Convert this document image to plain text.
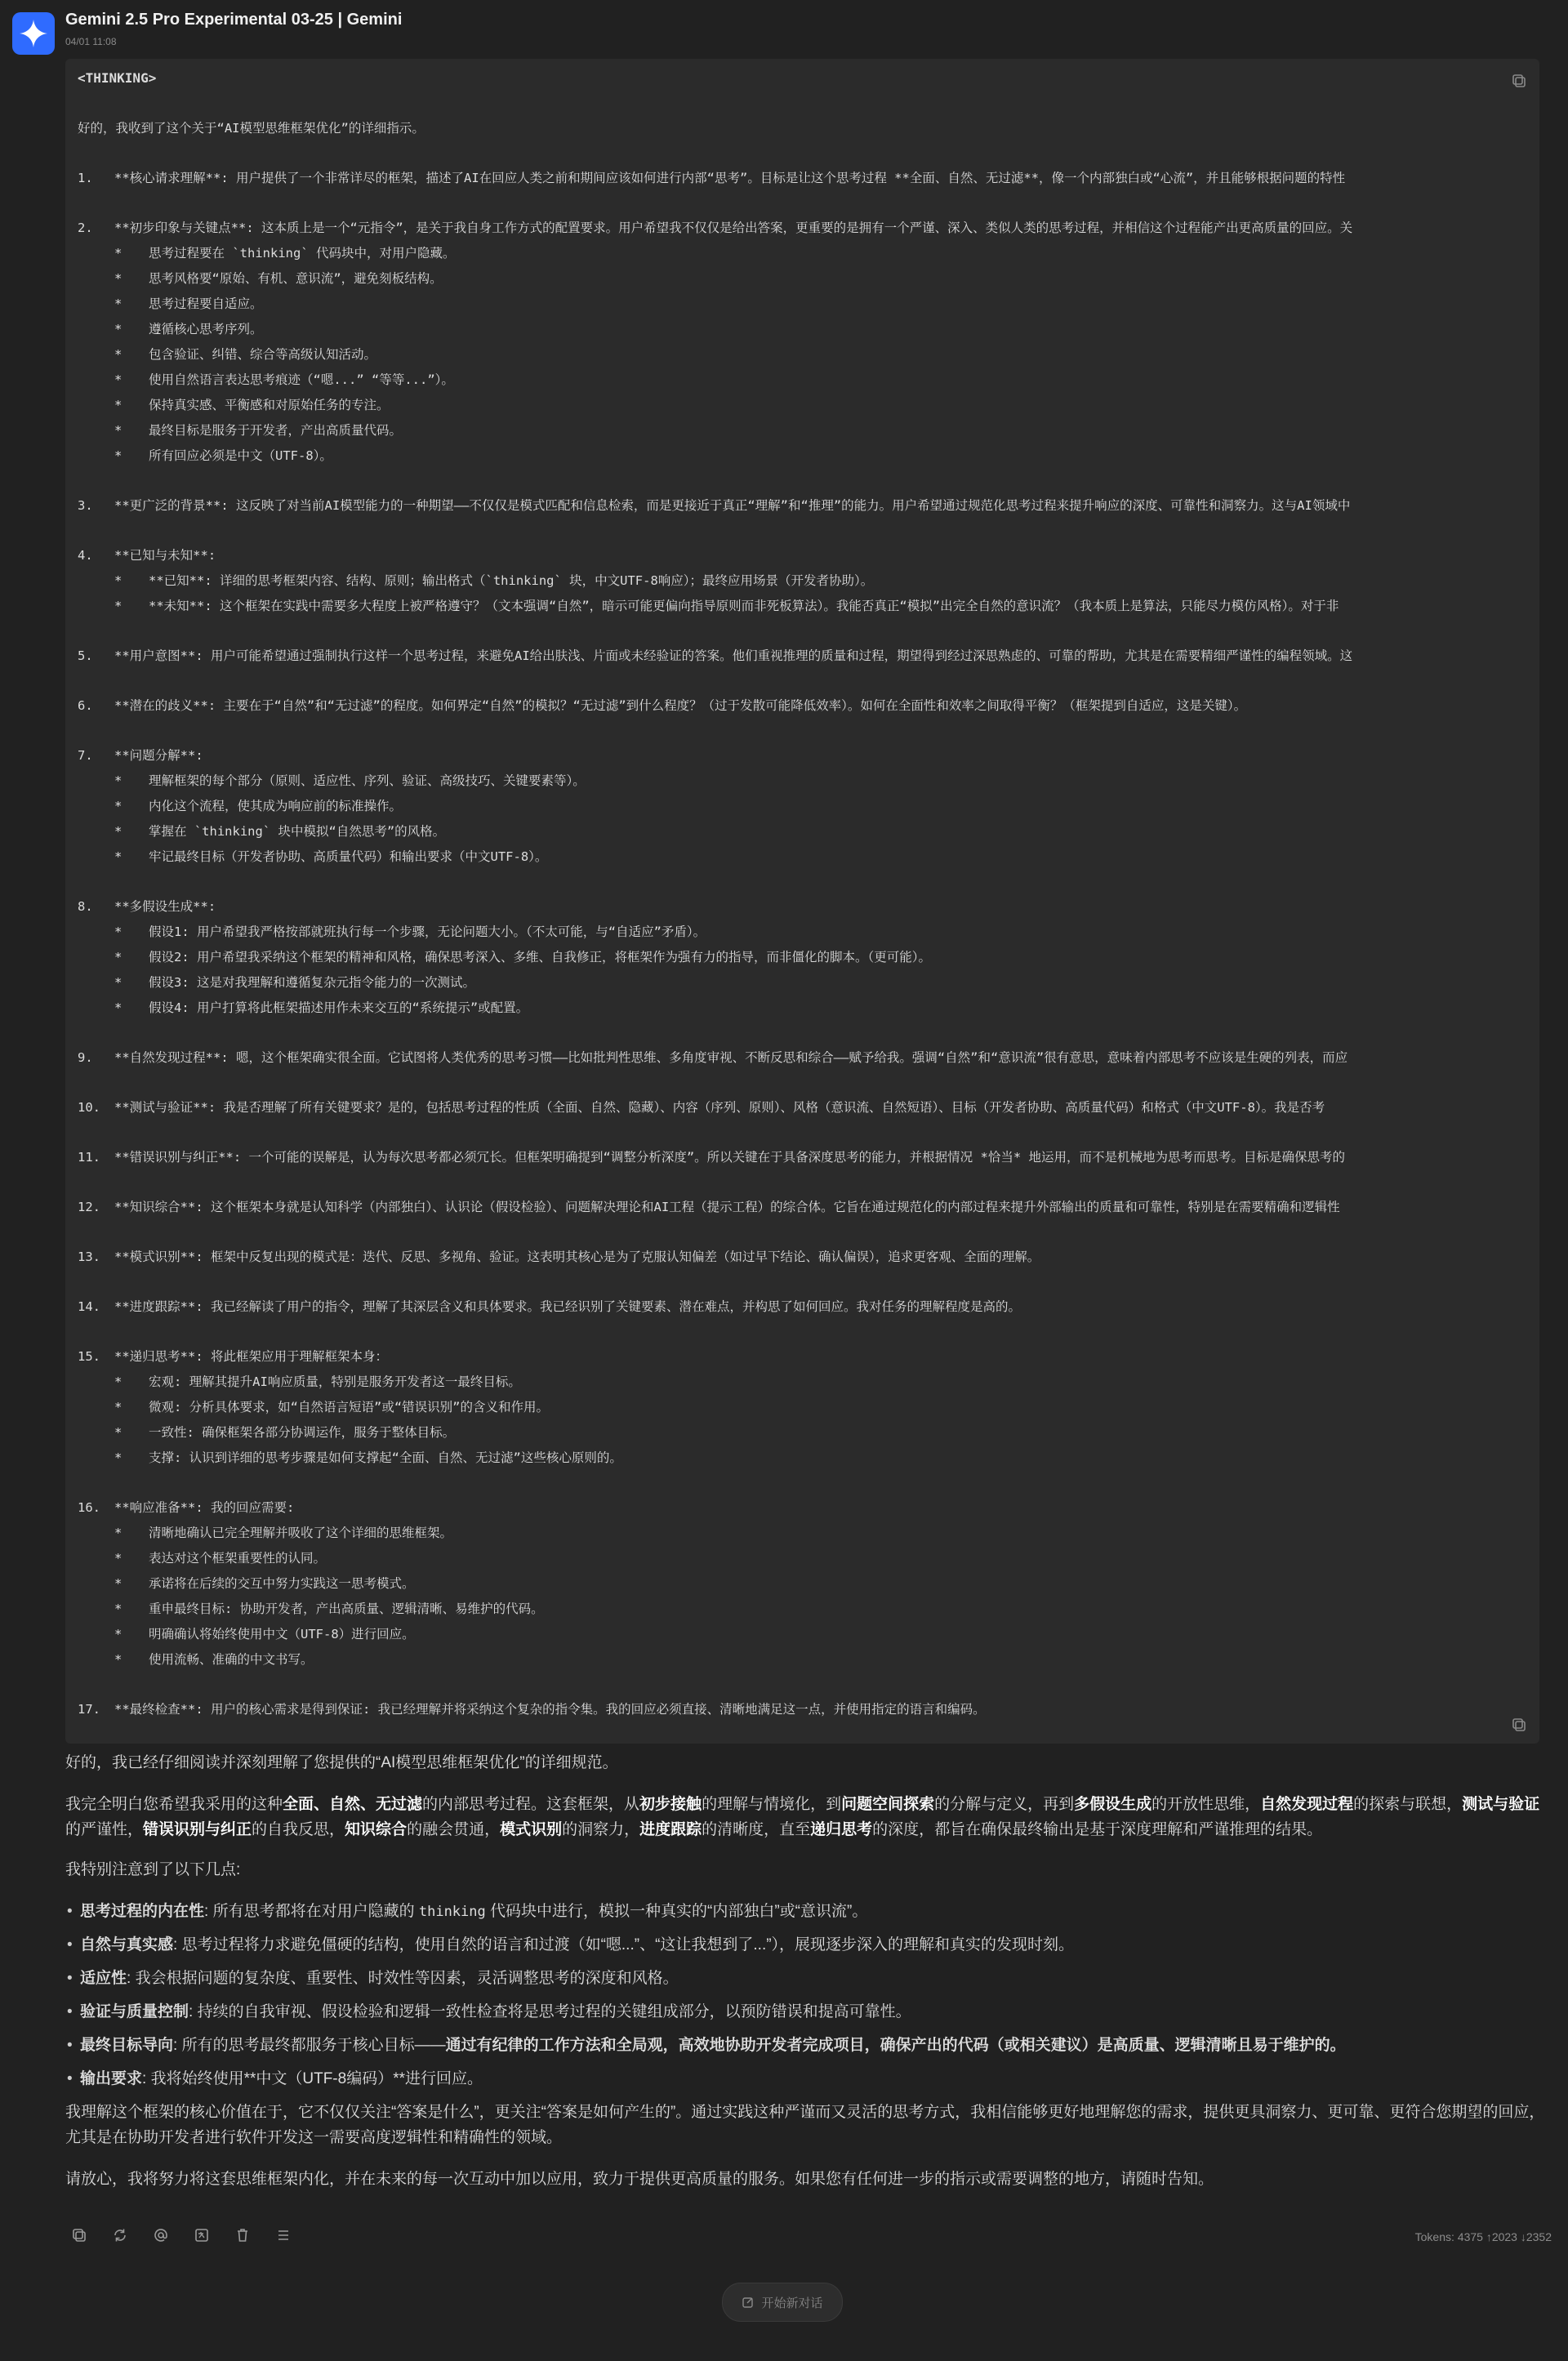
Gemini 2.5 Pro Experimental 03-25 | Gemini
04/01 11:08
<THINKING>
好的，我收到了这个关于“AI模型思维框架优化”的详细指示。
1. **核心请求理解**: 用户提供了一个非常详尽的框架，描述了AI在回应人类之前和期间应该如何进行内部“思考”。目标是让这个思考过程 **全面、自然、无过滤**，像一个内部独白或“心流”，并且能够根据问题的特性
2. **初步印象与关键点**: 这本质上是一个“元指令”，是关于我自身工作方式的配置要求。用户希望我不仅仅是给出答案，更重要的是拥有一个严谨、深入、类似人类的思考过程，并相信这个过程能产出更高质量的回应。关
* 思考过程要在 `thinking` 代码块中，对用户隐藏。
* 思考风格要“原始、有机、意识流”，避免刻板结构。
* 思考过程要自适应。
* 遵循核心思考序列。
* 包含验证、纠错、综合等高级认知活动。
* 使用自然语言表达思考痕迹（“嗯...” “等等...”）。
* 保持真实感、平衡感和对原始任务的专注。
* 最终目标是服务于开发者，产出高质量代码。
* 所有回应必须是中文（UTF-8）。
3. **更广泛的背景**: 这反映了对当前AI模型能力的一种期望——不仅仅是模式匹配和信息检索，而是更接近于真正“理解”和“推理”的能力。用户希望通过规范化思考过程来提升响应的深度、可靠性和洞察力。这与AI领域中
4. **已知与未知**:
* **已知**: 详细的思考框架内容、结构、原则；输出格式（`thinking` 块，中文UTF-8响应）；最终应用场景（开发者协助）。
* **未知**: 这个框架在实践中需要多大程度上被严格遵守？（文本强调“自然”，暗示可能更偏向指导原则而非死板算法）。我能否真正“模拟”出完全自然的意识流？（我本质上是算法，只能尽力模仿风格）。对于非
5. **用户意图**: 用户可能希望通过强制执行这样一个思考过程，来避免AI给出肤浅、片面或未经验证的答案。他们重视推理的质量和过程，期望得到经过深思熟虑的、可靠的帮助，尤其是在需要精细严谨性的编程领域。这
6. **潜在的歧义**: 主要在于“自然”和“无过滤”的程度。如何界定“自然”的模拟？“无过滤”到什么程度？（过于发散可能降低效率）。如何在全面性和效率之间取得平衡？（框架提到自适应，这是关键）。
7. **问题分解**:
* 理解框架的每个部分（原则、适应性、序列、验证、高级技巧、关键要素等）。
* 内化这个流程，使其成为响应前的标准操作。
* 掌握在 `thinking` 块中模拟“自然思考”的风格。
* 牢记最终目标（开发者协助、高质量代码）和输出要求（中文UTF-8）。
8. **多假设生成**:
* 假设1: 用户希望我严格按部就班执行每一个步骤，无论问题大小。（不太可能，与“自适应”矛盾）。
* 假设2: 用户希望我采纳这个框架的精神和风格，确保思考深入、多维、自我修正，将框架作为强有力的指导，而非僵化的脚本。（更可能）。
* 假设3: 这是对我理解和遵循复杂元指令能力的一次测试。
* 假设4: 用户打算将此框架描述用作未来交互的“系统提示”或配置。
9. **自然发现过程**: 嗯，这个框架确实很全面。它试图将人类优秀的思考习惯——比如批判性思维、多角度审视、不断反思和综合——赋予给我。强调“自然”和“意识流”很有意思，意味着内部思考不应该是生硬的列表，而应
10. **测试与验证**: 我是否理解了所有关键要求？是的，包括思考过程的性质（全面、自然、隐藏）、内容（序列、原则）、风格（意识流、自然短语）、目标（开发者协助、高质量代码）和格式（中文UTF-8）。我是否考
11. **错误识别与纠正**: 一个可能的误解是，认为每次思考都必须冗长。但框架明确提到“调整分析深度”。所以关键在于具备深度思考的能力，并根据情况 *恰当* 地运用，而不是机械地为思考而思考。目标是确保思考的
12. **知识综合**: 这个框架本身就是认知科学（内部独白）、认识论（假设检验）、问题解决理论和AI工程（提示工程）的综合体。它旨在通过规范化的内部过程来提升外部输出的质量和可靠性，特别是在需要精确和逻辑性
13. **模式识别**: 框架中反复出现的模式是：迭代、反思、多视角、验证。这表明其核心是为了克服认知偏差（如过早下结论、确认偏误），追求更客观、全面的理解。
14. **进度跟踪**: 我已经解读了用户的指令，理解了其深层含义和具体要求。我已经识别了关键要素、潜在难点，并构思了如何回应。我对任务的理解程度是高的。
15. **递归思考**: 将此框架应用于理解框架本身：
* 宏观: 理解其提升AI响应质量，特别是服务开发者这一最终目标。
* 微观: 分析具体要求，如“自然语言短语”或“错误识别”的含义和作用。
* 一致性: 确保框架各部分协调运作，服务于整体目标。
* 支撑: 认识到详细的思考步骤是如何支撑起“全面、自然、无过滤”这些核心原则的。
16. **响应准备**: 我的回应需要:
* 清晰地确认已完全理解并吸收了这个详细的思维框架。
* 表达对这个框架重要性的认同。
* 承诺将在后续的交互中努力实践这一思考模式。
* 重申最终目标: 协助开发者，产出高质量、逻辑清晰、易维护的代码。
* 明确确认将始终使用中文（UTF-8）进行回应。
* 使用流畅、准确的中文书写。
17. **最终检查**: 用户的核心需求是得到保证: 我已经理解并将采纳这个复杂的指令集。我的回应必须直接、清晰地满足这一点，并使用指定的语言和编码。

好的，我已经仔细阅读并深刻理解了您提供的“AI模型思维框架优化”的详细规范。

我完全明白您希望我采用的这种全面、自然、无过滤的内部思考过程。这套框架，从初步接触的理解与情境化，到问题空间探索的分解与定义，再到多假设生成的开放性思维，自然发现过程的探索与联想，测试与验证的严谨性，错误识别与纠正的自我反思，知识综合的融会贯通，模式识别的洞察力，进度跟踪的清晰度，直至递归思考的深度，都旨在确保最终输出是基于深度理解和严谨推理的结果。

我特别注意到了以下几点:

• 思考过程的内在性: 所有思考都将在对用户隐藏的 thinking 代码块中进行，模拟一种真实的“内部独白”或“意识流”。
• 自然与真实感: 思考过程将力求避免僵硬的结构，使用自然的语言和过渡（如“嗯...”、“这让我想到了...”），展现逐步深入的理解和真实的发现时刻。
• 适应性: 我会根据问题的复杂度、重要性、时效性等因素，灵活调整思考的深度和风格。
• 验证与质量控制: 持续的自我审视、假设检验和逻辑一致性检查将是思考过程的关键组成部分，以预防错误和提高可靠性。
• 最终目标导向: 所有的思考最终都服务于核心目标——通过有纪律的工作方法和全局观，高效地协助开发者完成项目，确保产出的代码（或相关建议）是高质量、逻辑清晰且易于维护的。
• 输出要求: 我将始终使用**中文（UTF-8编码）**进行回应。

我理解这个框架的核心价值在于，它不仅仅关注“答案是什么”，更关注“答案是如何产生的”。通过实践这种严谨而又灵活的思考方式，我相信能够更好地理解您的需求，提供更具洞察力、更可靠、更符合您期望的回应，尤其是在协助开发者进行软件开发这一需要高度逻辑性和精确性的领域。

请放心，我将努力将这套思维框架内化，并在未来的每一次互动中加以应用，致力于提供更高质量的服务。如果您有任何进一步的指示或需要调整的地方，请随时告知。

Tokens: 4375 ↑2023 ↓2352
开始新对话
